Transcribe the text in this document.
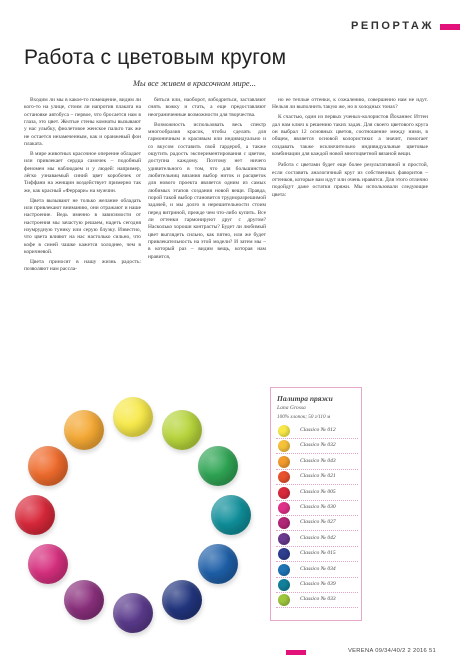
РЕПОРТАЖ
Работа с цветовым кругом
Мы все живем в красочном мире...

Входим ли мы в какое-то помещение, видим ли кого-то на улице, стоим ли напротив плаката на остановке автобуса – первое, что бросается нам в глаза, это цвет. Желтые стены комнаты вызывают у нас улыбку, фиолетовое женское пальто так же не остается незамеченным, как и оранжевый фон плаката.

В мире животных красочное оперение обладает или привлекает сердца самочек – подобный феномен мы наблюдаем и у людей: например, лёгко узнаваемый синий цвет коробочек от Тиффани на женщин воздействует примерно так же, как красный «Феррари» на мужчин.

Цвета вызывают не только желание обладать или привлекают вниманию, они отражают и наше настроение. Ведь именно в зависимости от настроения мы зачастую решаем, надеть сегодня изумрудную тунику или серую блузку. Известно, что цвета влияют на нас настолько сильно, что кофе в синей чашке кажется холоднее, чем в коричневой.

Цвета приносят в нашу жизнь радость: позволяют нам рассла-

биться или, наоборот, взбодриться, заставляют снять вожку и стать, а еще предоставляют неограниченные возможности для творчества.

Возможность использовать весь спектр многообразия красок, чтобы сделать для гармоничным и красивым или индивидуально и со вкусом составить свой гардероб, а также ощутить радость экспериментирования с цветом, доступна каждому. Поэтому нет ничего удивительного в том, что для большинства любительниц вязания выбор ниток и расцветок для нового проекта является одним из самых любимых этапов создания новой вещи. Правда, порой такой выбор становится трудноразрешимой задачей, и мы долго в нерешительности стоим перед витриной, прежде чем что-либо купить. Все ли оттенки гармонируют друг с другом? Насколько хороши контрасты? Будет ли любимый цвет выглядеть сильно, как пятно, или же будет привлекательность на этой модели? И затем мы – в который раз – видим вещь, которая нам нравится,

но ее теплые оттенки, к сожалению, совершенно нам не идут. Нельзя ли выполнить такую же, но в холодных тонах?

К счастью, один из первых ученых-колористов Йоханнес Иттен дал нам ключ к решению таких задач. Для своего цветового круга он выбрал 12 основных цветов, соотношение между ними, в общем, является основой колористики: а значит, помогает создавать также исключительно индивидуальные цветовые комбинации для каждой новой многоцветной вязаной вещи.

Работа с цветами будет еще более результативной и простой, если составить аналогичный круг из собственных фаворитов – оттенков, которые вам идут или очень нравятся. Для этого отлично подойдут даже остатки пряжи. Мы использовали следующие цвета:

Палитра пряжи
Lana Grossa
100% хлопок; 50 г/110 м
Classico № 012
Classico № 032
Classico № 043
Classico № 021
Classico № 005
Classico № 030
Classico № 027
Classico № 042
Classico № 015
Classico № 034
Classico № 039
Classico № 033
VERENA 09/34/40/2 2 2016 51
